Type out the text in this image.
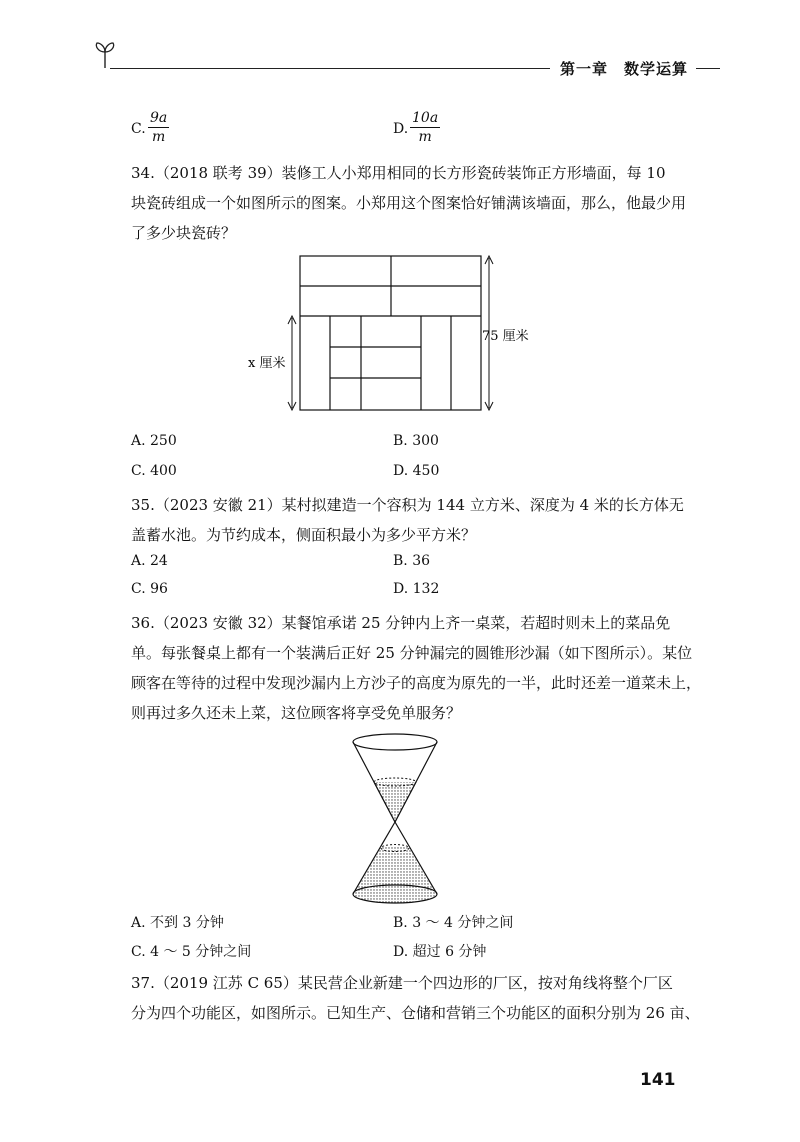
第一章　数学运算
C. $\frac{9a}{m}$	D. $\frac{10a}{m}$
34.（2018 联考 39）装修工人小郑用相同的长方形瓷砖装饰正方形墙面，每 10
块瓷砖组成一个如图所示的图案。小郑用这个图案恰好铺满该墙面，那么，他最少用
了多少块瓷砖？
x 厘米
75 厘米
A. 250	B. 300
C. 400	D. 450
35.（2023 安徽 21）某村拟建造一个容积为 144 立方米、深度为 4 米的长方体无
盖蓄水池。为节约成本，侧面积最小为多少平方米？
A. 24	B. 36
C. 96	D. 132
36.（2023 安徽 32）某餐馆承诺 25 分钟内上齐一桌菜，若超时则未上的菜品免
单。每张餐桌上都有一个装满后正好 25 分钟漏完的圆锥形沙漏（如下图所示）。某位
顾客在等待的过程中发现沙漏内上方沙子的高度为原先的一半，此时还差一道菜未上，
则再过多久还未上菜，这位顾客将享受免单服务？
A. 不到 3 分钟	B. 3 ～ 4 分钟之间
C. 4 ～ 5 分钟之间	D. 超过 6 分钟
37.（2019 江苏 C 65）某民营企业新建一个四边形的厂区，按对角线将整个厂区
分为四个功能区，如图所示。已知生产、仓储和营销三个功能区的面积分别为 26 亩、
141
